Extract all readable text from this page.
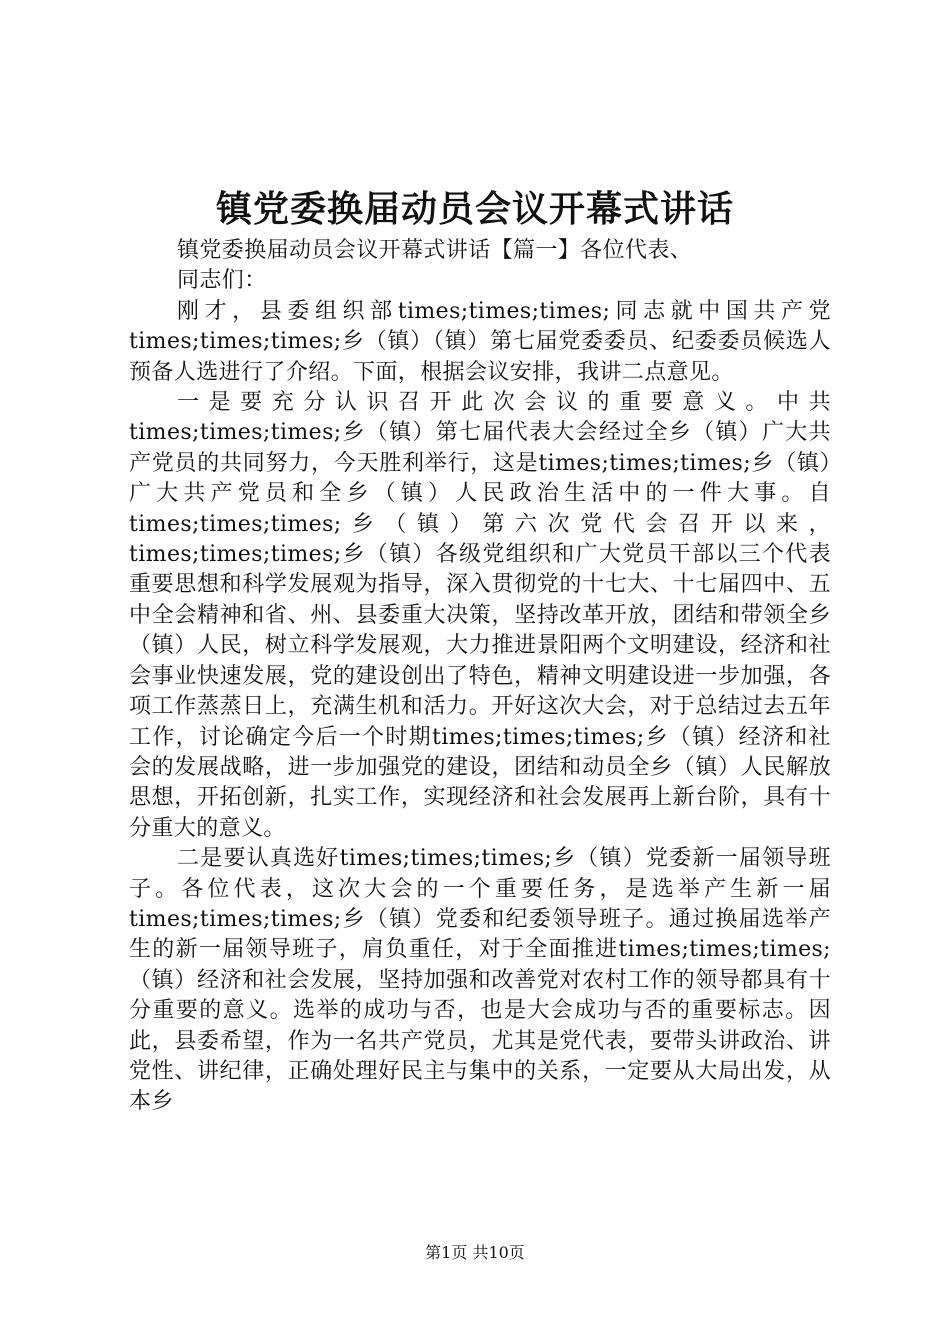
镇党委换届动员会议开幕式讲话

镇党委换届动员会议开幕式讲话【篇一】各位代表、

同志们：

刚才，县委组织部times;times;times;同志就中国共产党times;times;times;乡（镇）（镇）第七届党委委员、纪委委员候选人预备人选进行了介绍。下面，根据会议安排，我讲二点意见。

一是要充分认识召开此次会议的重要意义。中共times;times;times;乡（镇）第七届代表大会经过全乡（镇）广大共产党员的共同努力，今天胜利举行，这是times;times;times;乡（镇）广大共产党员和全乡（镇）人民政治生活中的一件大事。自times;times;times;乡（镇）第六次党代会召开以来，times;times;times;乡（镇）各级党组织和广大党员干部以三个代表重要思想和科学发展观为指导，深入贯彻党的十七大、十七届四中、五中全会精神和省、州、县委重大决策，坚持改革开放，团结和带领全乡（镇）人民，树立科学发展观，大力推进景阳两个文明建设，经济和社会事业快速发展，党的建设创出了特色，精神文明建设进一步加强，各项工作蒸蒸日上，充满生机和活力。开好这次大会，对于总结过去五年工作，讨论确定今后一个时期times;times;times;乡（镇）经济和社会的发展战略，进一步加强党的建设，团结和动员全乡（镇）人民解放思想，开拓创新，扎实工作，实现经济和社会发展再上新台阶，具有十分重大的意义。

二是要认真选好times;times;times;乡（镇）党委新一届领导班子。各位代表，这次大会的一个重要任务，是选举产生新一届times;times;times;乡（镇）党委和纪委领导班子。通过换届选举产生的新一届领导班子，肩负重任，对于全面推进times;times;times;（镇）经济和社会发展，坚持加强和改善党对农村工作的领导都具有十分重要的意义。选举的成功与否，也是大会成功与否的重要标志。因此，县委希望，作为一名共产党员，尤其是党代表，要带头讲政治、讲党性、讲纪律，正确处理好民主与集中的关系，一定要从大局出发，从本乡

第1页 共10页
